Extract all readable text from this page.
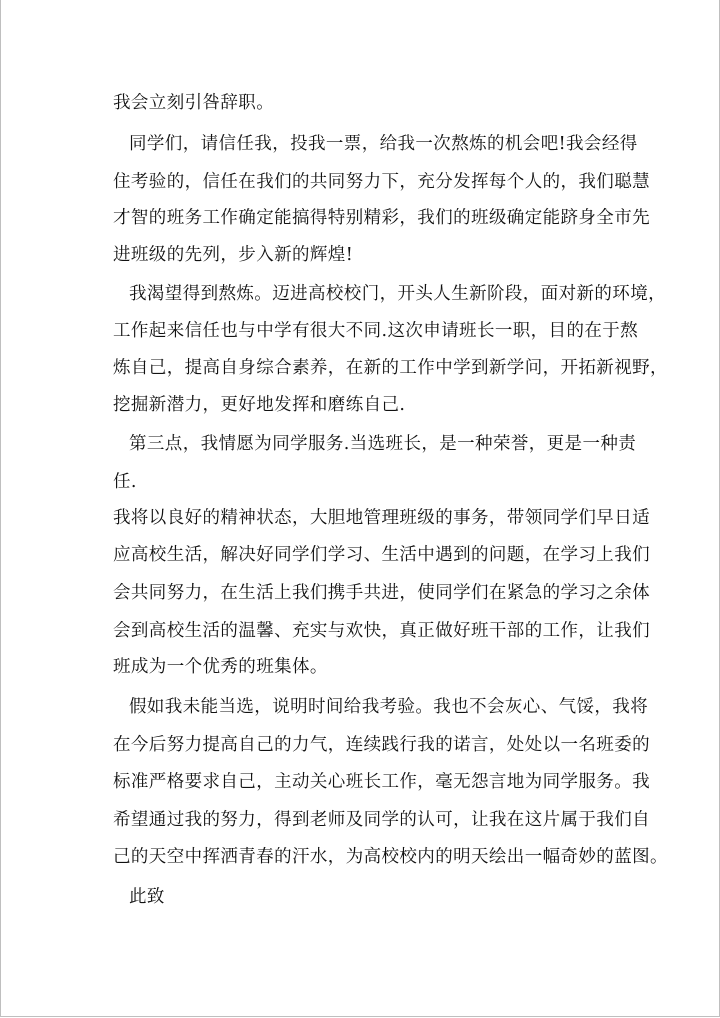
我会立刻引咎辞职。
同学们，请信任我，投我一票，给我一次熬炼的机会吧!我会经得
住考验的，信任在我们的共同努力下，充分发挥每个人的，我们聪慧
才智的班务工作确定能搞得特别精彩，我们的班级确定能跻身全市先
进班级的先列，步入新的辉煌!
我渴望得到熬炼。迈进高校校门，开头人生新阶段，面对新的环境，
工作起来信任也与中学有很大不同.这次申请班长一职，目的在于熬
炼自己，提高自身综合素养，在新的工作中学到新学问，开拓新视野，
挖掘新潜力，更好地发挥和磨练自己.
第三点，我情愿为同学服务.当选班长，是一种荣誉，更是一种责
任.
我将以良好的精神状态，大胆地管理班级的事务，带领同学们早日适
应高校生活，解决好同学们学习、生活中遇到的问题，在学习上我们
会共同努力，在生活上我们携手共进，使同学们在紧急的学习之余体
会到高校生活的温馨、充实与欢快，真正做好班干部的工作，让我们
班成为一个优秀的班集体。
假如我未能当选，说明时间给我考验。我也不会灰心、气馁，我将
在今后努力提高自己的力气，连续践行我的诺言，处处以一名班委的
标准严格要求自己，主动关心班长工作，毫无怨言地为同学服务。我
希望通过我的努力，得到老师及同学的认可，让我在这片属于我们自
己的天空中挥洒青春的汗水，为高校校内的明天绘出一幅奇妙的蓝图。
此致
